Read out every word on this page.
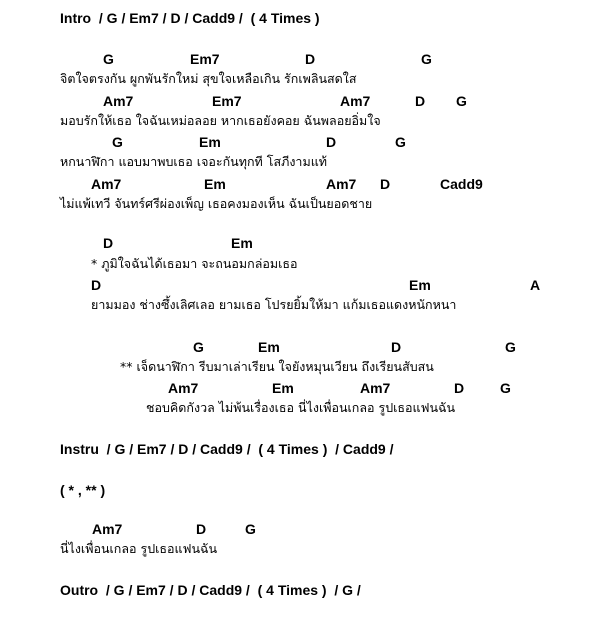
Intro  / G / Em7 / D / Cadd9 /  ( 4 Times )
G	Em7	D	G
จิตใจตรงกัน ผูกพันรักใหม่ สุขใจเหลือเกิน รักเพลินสดใส
Am7	Em7	Am7	D G
มอบรักให้เธอ ใจฉันเหม่อลอย หากเธอยังคอย ฉันพลอยอิ่มใจ
G	Em	D	G
หกนาฬิกา แอบมาพบเธอ เจอะกันทุกที โสภีงามแท้
Am7	Em	Am7 D	Cadd9
ไม่แพ้เทวี จันทร์ศรีผ่องเพ็ญ เธอคงมองเห็น ฉันเป็นยอดชาย
D	Em
* ภูมิใจฉันได้เธอมา จะถนอมกล่อมเธอ
D	Em	A
ยามมอง ช่างซึ้งเลิศเลอ ยามเธอ โปรยยิ้มให้มา แก้มเธอแดงหนักหนา
G	Em	D	G
** เจ็ดนาฬิกา รีบมาเล่าเรียน ใจยังหมุนเวียน ถึงเรียนสับสน
Am7	Em	Am7	D	G
ชอบคิดกังวล ไม่พ้นเรื่องเธอ นี่ไงเพื่อนเกลอ รูปเธอแฟนฉัน
Instru  / G / Em7 / D / Cadd9 /  ( 4 Times )  / Cadd9 /
( * , ** )
Am7	D	G
นี่ไงเพื่อนเกลอ รูปเธอแฟนฉัน
Outro  / G / Em7 / D / Cadd9 /  ( 4 Times )  / G /
